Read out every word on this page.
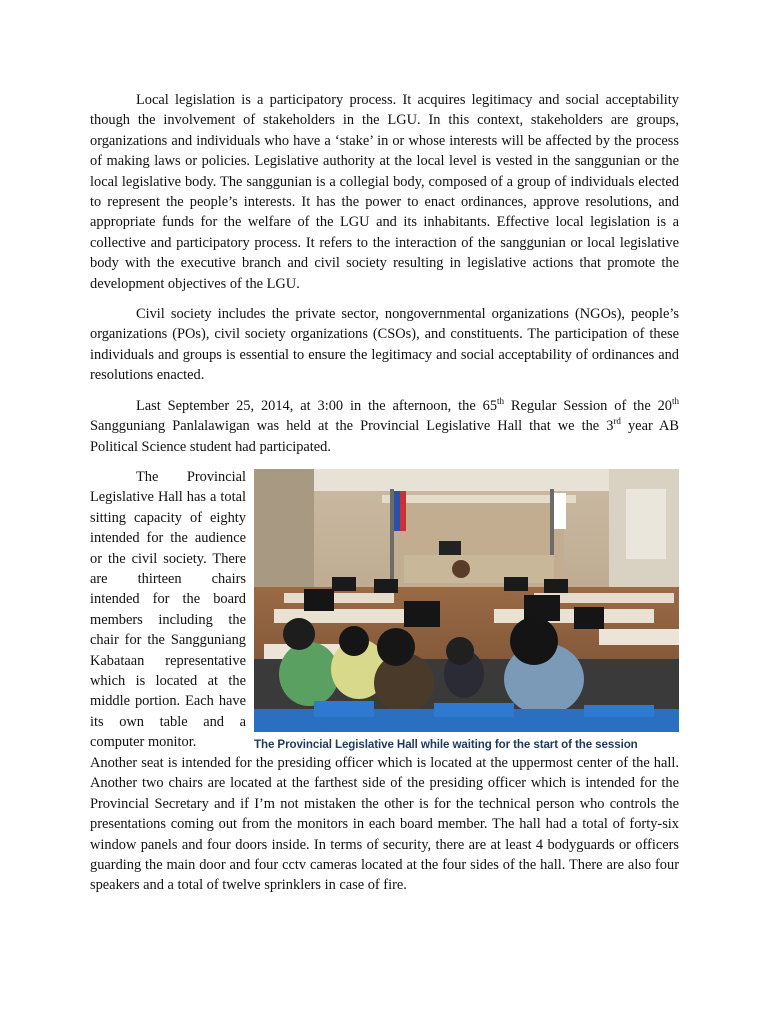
Local legislation is a participatory process. It acquires legitimacy and social acceptability though the involvement of stakeholders in the LGU. In this context, stakeholders are groups, organizations and individuals who have a ‘stake’ in or whose interests will be affected by the process of making laws or policies. Legislative authority at the local level is vested in the sanggunian or the local legislative body. The sanggunian is a collegial body, composed of a group of individuals elected to represent the people’s interests. It has the power to enact ordinances, approve resolutions, and appropriate funds for the welfare of the LGU and its inhabitants. Effective local legislation is a collective and participatory process. It refers to the interaction of the sanggunian or local legislative body with the executive branch and civil society resulting in legislative actions that promote the development objectives of the LGU.

Civil society includes the private sector, nongovernmental organizations (NGOs), people’s organizations (POs), civil society organizations (CSOs), and constituents. The participation of these individuals and groups is essential to ensure the legitimacy and social acceptability of ordinances and resolutions enacted.

Last September 25, 2014, at 3:00 in the afternoon, the 65th Regular Session of the 20th Sangguniang Panlalawigan was held at the Provincial Legislative Hall that we the 3rd year AB Political Science student had participated.

The Provincial Legislative Hall while waiting for the start of the session
The Provincial Legislative Hall has a total sitting capacity of eighty intended for the audience or the civil society. There are thirteen chairs intended for the board members including the chair for the Sangguniang Kabataan representative which is located at the middle portion. Each have its own table and a computer monitor.
Another seat is intended for the presiding officer which is located at the uppermost center of the hall. Another two chairs are located at the farthest side of the presiding officer which is intended for the Provincial Secretary and if I’m not mistaken the other is for the technical person who controls the presentations coming out from the monitors in each board member. The hall had a total of forty-six window panels and four doors inside. In terms of security, there are at least 4 bodyguards or officers guarding the main door and four cctv cameras located at the four sides of the hall. There are also four speakers and a total of twelve sprinklers in case of fire.
